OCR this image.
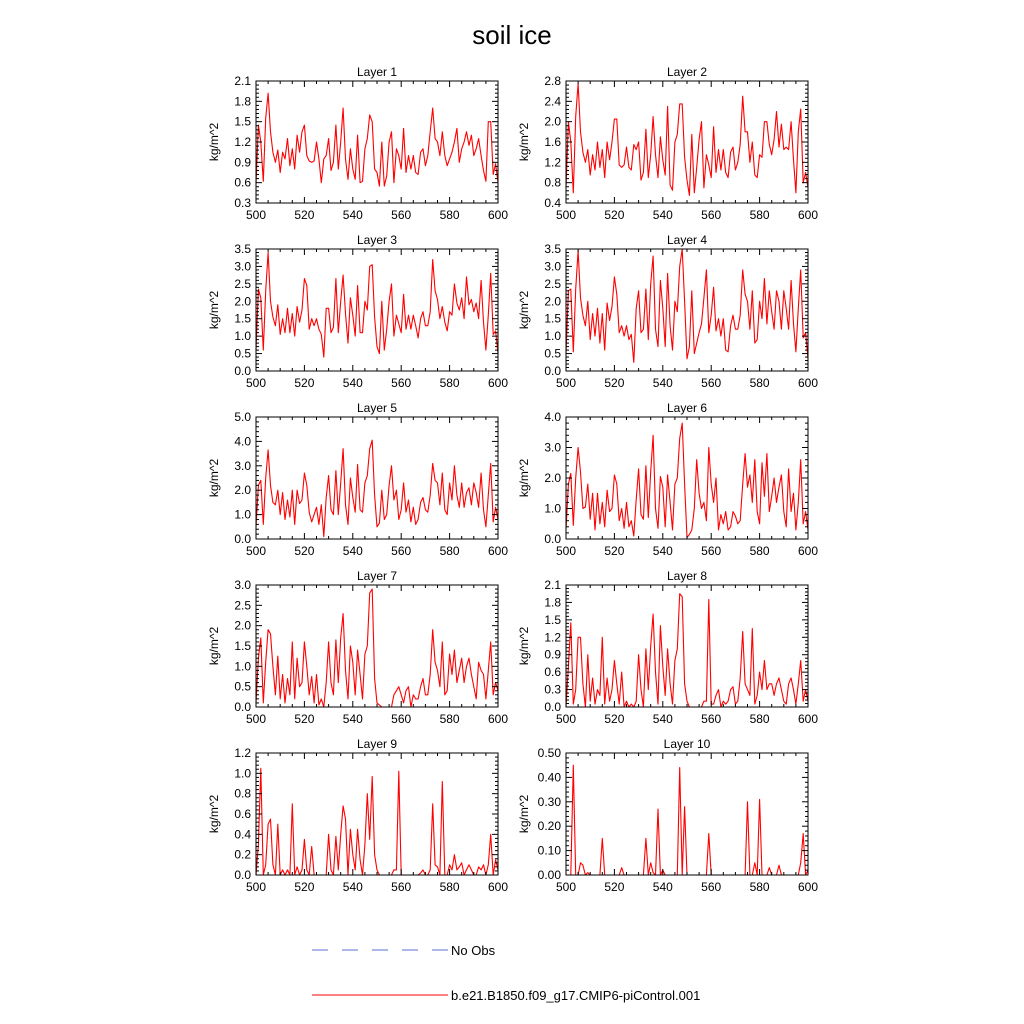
soil ice
Layer 1
kg/m^2
500 520 540 560 580 600
0.3
0.6
0.9
1.2
1.5
1.8
2.1
Layer 2
kg/m^2
500 520 540 560 580 600
0.4
0.8
1.2
1.6
2.0
2.4
2.8
Layer 3
kg/m^2
500 520 540 560 580 600
0.0
0.5
1.0
1.5
2.0
2.5
3.0
3.5
Layer 4
kg/m^2
500 520 540 560 580 600
0.0
0.5
1.0
1.5
2.0
2.5
3.0
3.5
Layer 5
kg/m^2
500 520 540 560 580 600
0.0
1.0
2.0
3.0
4.0
5.0
Layer 6
kg/m^2
500 520 540 560 580 600
0.0
1.0
2.0
3.0
4.0
Layer 7
kg/m^2
500 520 540 560 580 600
0.0
0.5
1.0
1.5
2.0
2.5
3.0
Layer 8
kg/m^2
500 520 540 560 580 600
0.0
0.3
0.6
0.9
1.2
1.5
1.8
2.1
Layer 9
kg/m^2
500 520 540 560 580 600
0.0
0.2
0.4
0.6
0.8
1.0
1.2
Layer 10
kg/m^2
500 520 540 560 580 600
0.00
0.10
0.20
0.30
0.40
0.50
No Obs
b.e21.B1850.f09_g17.CMIP6-piControl.001
